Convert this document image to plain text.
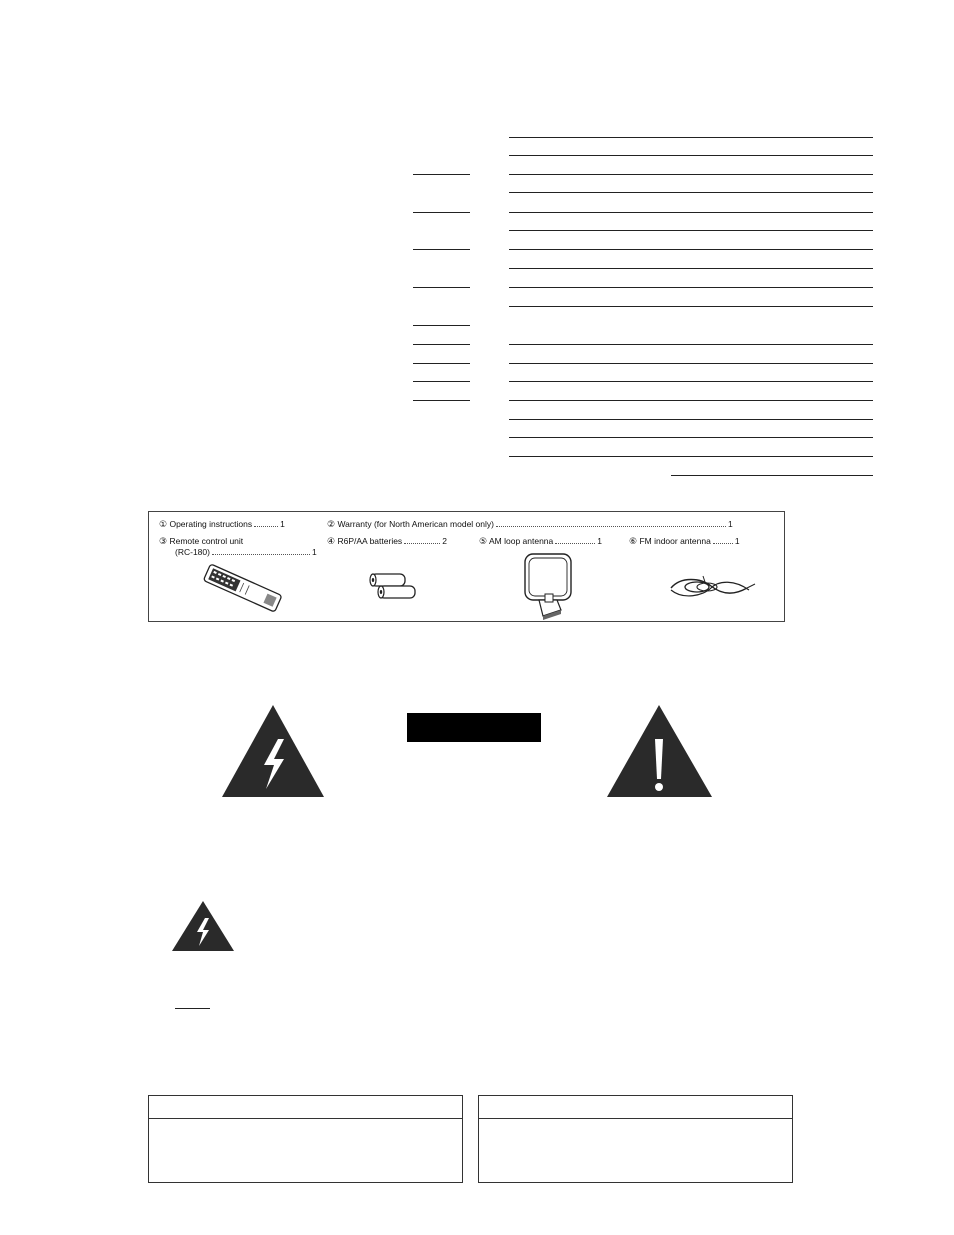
① Operating instructions	1	② Warranty (for North American model only)	1
③ Remote control unit
(RC-180)	1
④ R6P/AA batteries	2	⑤ AM loop antenna	1	⑥ FM indoor antenna	1
